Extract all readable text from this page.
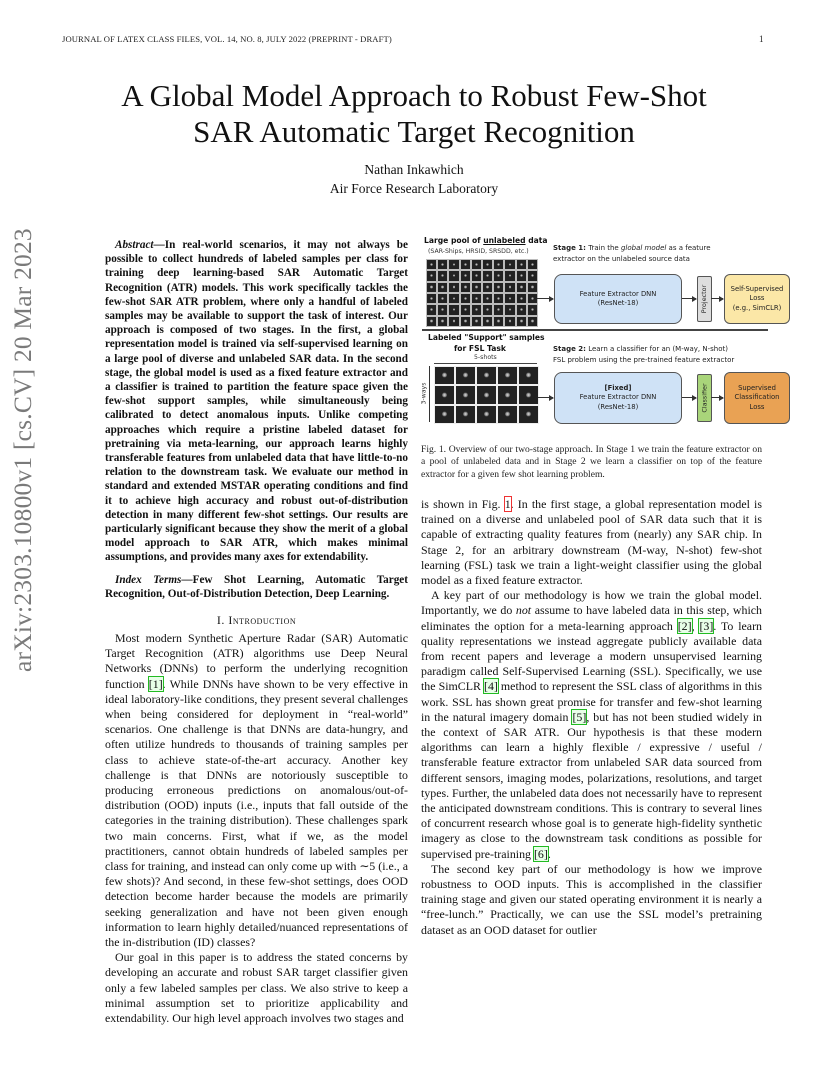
JOURNAL OF LATEX CLASS FILES, VOL. 14, NO. 8, JULY 2022 (PREPRINT - DRAFT)	1
arXiv:2303.10800v1 [cs.CV] 20 Mar 2023
A Global Model Approach to Robust Few-Shot
SAR Automatic Target Recognition
Nathan Inkawhich
Air Force Research Laboratory
Abstract—In real-world scenarios, it may not always be possible to collect hundreds of labeled samples per class for training deep learning-based SAR Automatic Target Recognition (ATR) models. This work specifically tackles the few-shot SAR ATR problem, where only a handful of labeled samples may be available to support the task of interest. Our approach is composed of two stages. In the first, a global representation model is trained via self-supervised learning on a large pool of diverse and unlabeled SAR data. In the second stage, the global model is used as a fixed feature extractor and a classifier is trained to partition the feature space given the few-shot support samples, while simultaneously being calibrated to detect anomalous inputs. Unlike competing approaches which require a pristine labeled dataset for pretraining via meta-learning, our approach learns highly transferable features from unlabeled data that have little-to-no relation to the downstream task. We evaluate our method in standard and extended MSTAR operating conditions and find it to achieve high accuracy and robust out-of-distribution detection in many different few-shot settings. Our results are particularly significant because they show the merit of a global model approach to SAR ATR, which makes minimal assumptions, and provides many axes for extendability.
Index Terms—Few Shot Learning, Automatic Target Recognition, Out-of-Distribution Detection, Deep Learning.
I. Introduction

Most modern Synthetic Aperture Radar (SAR) Automatic Target Recognition (ATR) algorithms use Deep Neural Networks (DNNs) to perform the underlying recognition function [1]. While DNNs have shown to be very effective in ideal laboratory-like conditions, they present several challenges when being considered for deployment in “real-world” scenarios. One challenge is that DNNs are data-hungry, and often utilize hundreds to thousands of training samples per class to achieve state-of-the-art accuracy. Another key challenge is that DNNs are notoriously susceptible to producing erroneous predictions on anomalous/out-of-distribution (OOD) inputs (i.e., inputs that fall outside of the categories in the training distribution). These challenges spark two main concerns. First, what if we, as the model practitioners, cannot obtain hundreds of labeled samples per class for training, and instead can only come up with ∼5 (i.e., a few shots)? And second, in these few-shot settings, does OOD detection become harder because the models are primarily seeking generalization and have not been given enough information to learn highly detailed/nuanced representations of the in-distribution (ID) classes?

Our goal in this paper is to address the stated concerns by developing an accurate and robust SAR target classifier given only a few labeled samples per class. We also strive to keep a minimal assumption set to prioritize applicability and extendability. Our high level approach involves two stages and

Large pool of unlabeled data
(SAR-Ships, HRSID, SRSDD, etc.)	Stage 1: Train the global model as a feature
extractor on the unlabeled source data
Feature Extractor DNN
(ResNet-18)	Projector	Self-Supervised
Loss
(e.g., SimCLR)
Labeled "Support" samples
for FSL Task
5-shots
3-ways
Stage 2: Learn a classifier for an (M-way, N-shot)
FSL problem using the pre-trained feature extractor
[Fixed]
Feature Extractor DNN
(ResNet-18)	Classifier	Supervised
Classification
Loss
Fig. 1. Overview of our two-stage approach. In Stage 1 we train the feature extractor on a pool of unlabeled data and in Stage 2 we learn a classifier on top of the feature extractor for a given few shot learning problem.

is shown in Fig. 1. In the first stage, a global representation model is trained on a diverse and unlabeled pool of SAR data such that it is capable of extracting quality features from (nearly) any SAR chip. In Stage 2, for an arbitrary downstream (M-way, N-shot) few-shot learning (FSL) task we train a light-weight classifier using the global model as a fixed feature extractor.

A key part of our methodology is how we train the global model. Importantly, we do not assume to have labeled data in this step, which eliminates the option for a meta-learning approach [2], [3]. To learn quality representations we instead aggregate publicly available data from recent papers and leverage a modern unsupervised learning paradigm called Self-Supervised Learning (SSL). Specifically, we use the SimCLR [4] method to represent the SSL class of algorithms in this work. SSL has shown great promise for transfer and few-shot learning in the natural imagery domain [5], but has not been studied widely in the context of SAR ATR. Our hypothesis is that these modern algorithms can learn a highly flexible / expressive / useful / transferable feature extractor from unlabeled SAR data sourced from different sensors, imaging modes, polarizations, resolutions, and target types. Further, the unlabeled data does not necessarily have to represent the anticipated downstream conditions. This is contrary to several lines of concurrent research whose goal is to generate high-fidelity synthetic imagery as close to the downstream task conditions as possible for supervised pre-training [6].

The second key part of our methodology is how we improve robustness to OOD inputs. This is accomplished in the classifier training stage and given our stated operating environment it is nearly a “free-lunch.” Practically, we can use the SSL model’s pretraining dataset as an OOD dataset for outlier
